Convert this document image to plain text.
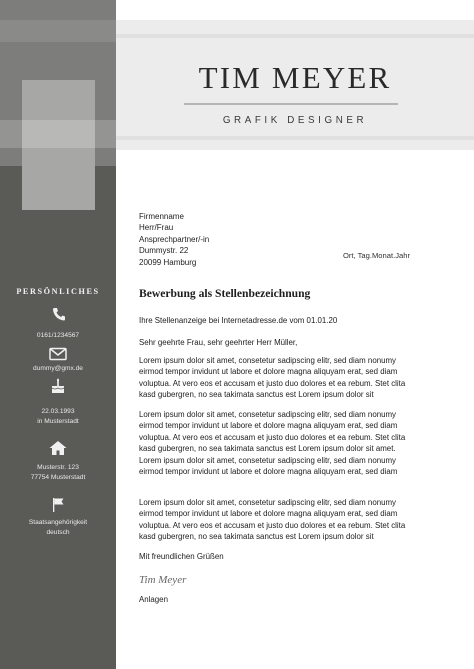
PERSÖNLICHES
0161/1234567
dummy@gmx.de
22.03.1993
in Musterstadt
Musterstr. 123
77754 Musterstadt
Staatsangehörigkeit
deutsch
TIM MEYER
GRAFIK DESIGNER
Firmenname
Herr/Frau
Ansprechpartner/-in
Dummystr. 22
20099 Hamburg
Ort, Tag.Monat.Jahr
Bewerbung als Stellenbezeichnung
Ihre Stellenanzeige bei Internetadresse.de vom 01.01.20
Sehr geehrte Frau, sehr geehrter Herr Müller,
Lorem ipsum dolor sit amet, consetetur sadipscing elitr, sed diam nonumy
eirmod tempor invidunt ut labore et dolore magna aliquyam erat, sed diam
voluptua. At vero eos et accusam et justo duo dolores et ea rebum. Stet clita
kasd gubergren, no sea takimata sanctus est Lorem ipsum dolor sit
Lorem ipsum dolor sit amet, consetetur sadipscing elitr, sed diam nonumy
eirmod tempor invidunt ut labore et dolore magna aliquyam erat, sed diam
voluptua. At vero eos et accusam et justo duo dolores et ea rebum. Stet clita
kasd gubergren, no sea takimata sanctus est Lorem ipsum dolor sit amet.
Lorem ipsum dolor sit amet, consetetur sadipscing elitr, sed diam nonumy
eirmod tempor invidunt ut labore et dolore magna aliquyam erat, sed diam
Lorem ipsum dolor sit amet, consetetur sadipscing elitr, sed diam nonumy
eirmod tempor invidunt ut labore et dolore magna aliquyam erat, sed diam
voluptua. At vero eos et accusam et justo duo dolores et ea rebum. Stet clita
kasd gubergren, no sea takimata sanctus est Lorem ipsum dolor sit
Mit freundlichen Grüßen
Tim Meyer
Anlagen
